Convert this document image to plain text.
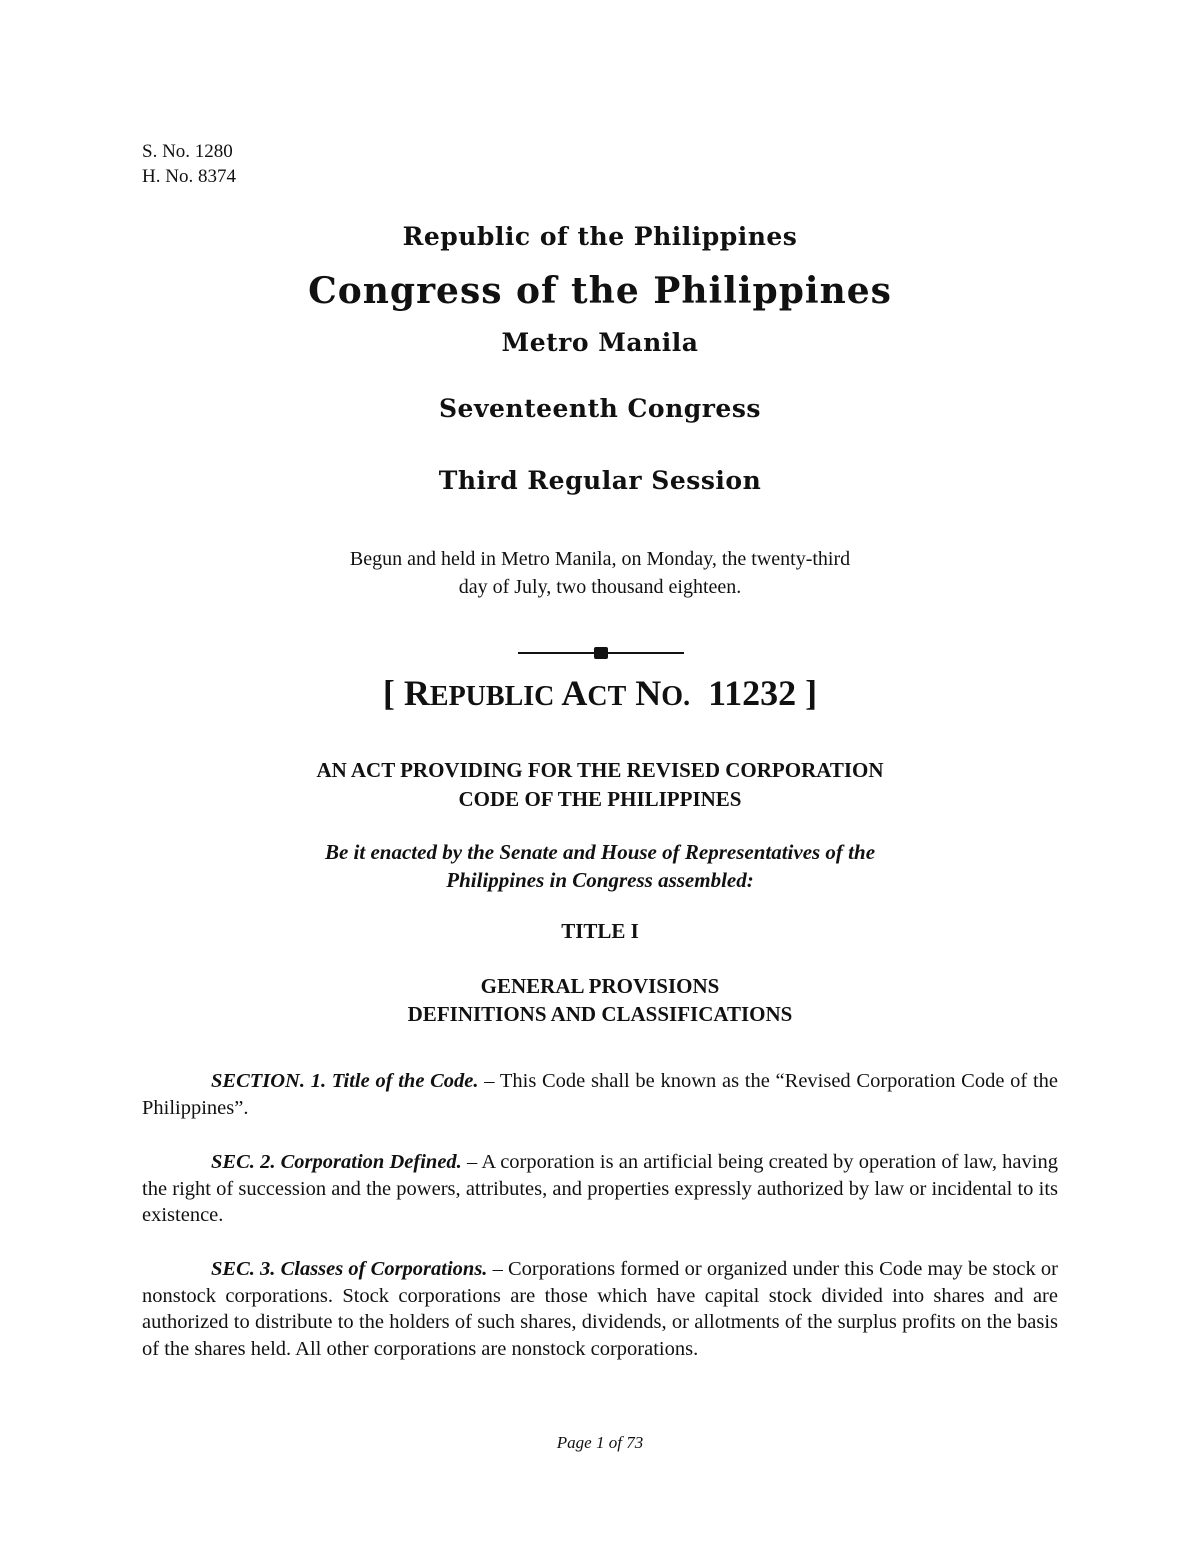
S. No. 1280
H. No. 8374
Republic of the Philippines
Congress of the Philippines
Metro Manila
Seventeenth Congress
Third Regular Session
Begun and held in Metro Manila, on Monday, the twenty-third
day of July, two thousand eighteen.
[ REPUBLIC ACT NO. 11232 ]
AN ACT PROVIDING FOR THE REVISED CORPORATION
CODE OF THE PHILIPPINES
Be it enacted by the Senate and House of Representatives of the
Philippines in Congress assembled:
TITLE I
GENERAL PROVISIONS
DEFINITIONS AND CLASSIFICATIONS
SECTION. 1. Title of the Code. – This Code shall be known as the “Revised Corporation Code of the Philippines”.
SEC. 2. Corporation Defined. – A corporation is an artificial being created by operation of law, having the right of succession and the powers, attributes, and properties expressly authorized by law or incidental to its existence.
SEC. 3. Classes of Corporations. – Corporations formed or organized under this Code may be stock or nonstock corporations. Stock corporations are those which have capital stock divided into shares and are authorized to distribute to the holders of such shares, dividends, or allotments of the surplus profits on the basis of the shares held. All other corporations are nonstock corporations.
Page 1 of 73
